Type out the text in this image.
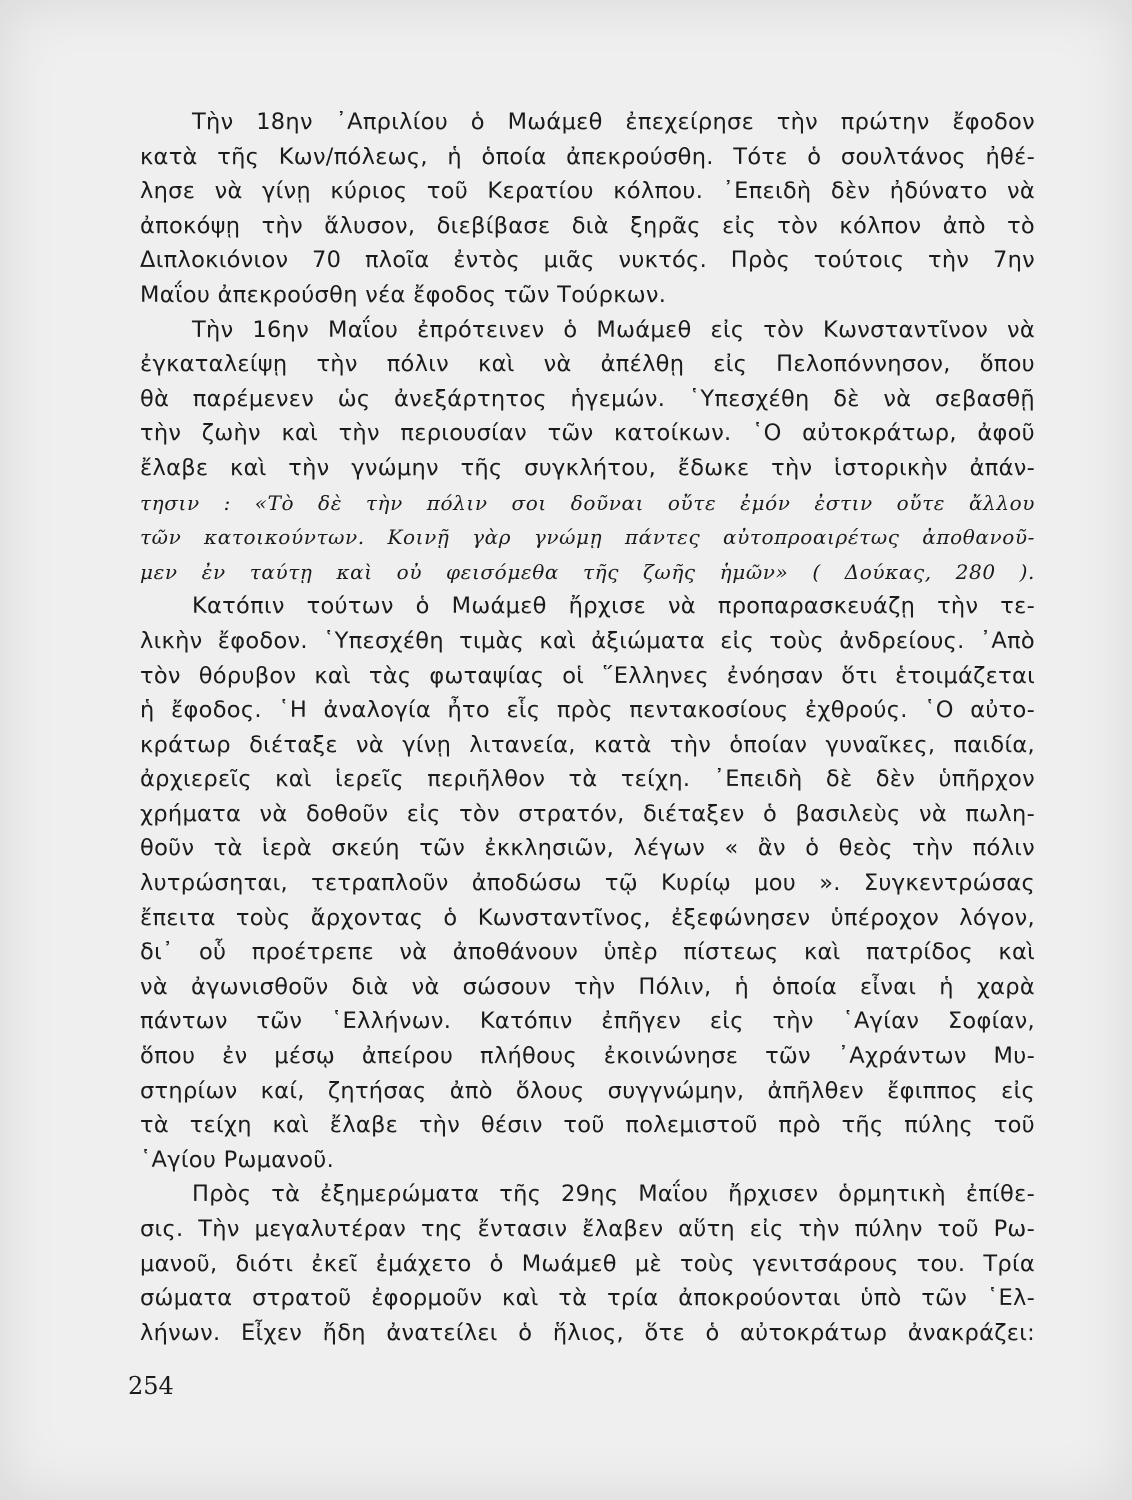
Τὴν 18ην ᾿Απριλίου ὁ Μωάμεθ ἐπεχείρησε τὴν πρώτην ἔφοδον
κατὰ τῆς Κων/πόλεως, ἡ ὁποία ἀπεκρούσθη. Τότε ὁ σουλτάνος ἠθέ-
λησε νὰ γίνῃ κύριος τοῦ Κερατίου κόλπου. ᾿Επειδὴ δὲν ἠδύνατο νὰ
ἀποκόψῃ τὴν ἅλυσον, διεβίβασε διὰ ξηρᾶς εἰς τὸν κόλπον ἀπὸ τὸ
Διπλοκιόνιον 70 πλοῖα ἐντὸς μιᾶς νυκτός. Πρὸς τούτοις τὴν 7ην
Μαΐου ἀπεκρούσθη νέα ἔφοδος τῶν Τούρκων.
Τὴν 16ην Μαΐου ἐπρότεινεν ὁ Μωάμεθ εἰς τὸν Κωνσταντῖνον νὰ
ἐγκαταλείψῃ τὴν πόλιν καὶ νὰ ἀπέλθῃ εἰς Πελοπόννησον, ὅπου
θὰ παρέμενεν ὡς ἀνεξάρτητος ἡγεμών. ῾Υπεσχέθη δὲ νὰ σεβασθῇ
τὴν ζωὴν καὶ τὴν περιουσίαν τῶν κατοίκων. ῾Ο αὐτοκράτωρ, ἀφοῦ
ἔλαβε καὶ τὴν γνώμην τῆς συγκλήτου, ἔδωκε τὴν ἱστορικὴν ἀπάν-
τησιν : «Τὸ δὲ τὴν πόλιν σοι δοῦναι οὔτε ἐμόν ἐστιν οὔτε ἄλλου
τῶν κατοικούντων. Κοινῇ γὰρ γνώμῃ πάντες αὐτοπροαιρέτως ἀποθανοῦ-
μεν ἐν ταύτῃ καὶ οὐ φεισόμεθα τῆς ζωῆς ἡμῶν» ( Δούκας, 280 ).
Κατόπιν τούτων ὁ Μωάμεθ ἤρχισε νὰ προπαρασκευάζῃ τὴν τε-
λικὴν ἔφοδον. ῾Υπεσχέθη τιμὰς καὶ ἀξιώματα εἰς τοὺς ἀνδρείους. ᾿Απὸ
τὸν θόρυβον καὶ τὰς φωταψίας οἱ ῞Ελληνες ἐνόησαν ὅτι ἑτοιμάζεται
ἡ ἔφοδος. ῾Η ἀναλογία ἦτο εἷς πρὸς πεντακοσίους ἐχθρούς. ῾Ο αὐτο-
κράτωρ διέταξε νὰ γίνῃ λιτανεία, κατὰ τὴν ὁποίαν γυναῖκες, παιδία,
ἀρχιερεῖς καὶ ἱερεῖς περιῆλθον τὰ τείχη. ᾿Επειδὴ δὲ δὲν ὑπῆρχον
χρήματα νὰ δοθοῦν εἰς τὸν στρατόν, διέταξεν ὁ βασιλεὺς νὰ πωλη-
θοῦν τὰ ἱερὰ σκεύη τῶν ἐκκλησιῶν, λέγων « ἂν ὁ θεὸς τὴν πόλιν
λυτρώσηται, τετραπλοῦν ἀποδώσω τῷ Κυρίῳ μου ». Συγκεντρώσας
ἔπειτα τοὺς ἄρχοντας ὁ Κωνσταντῖνος, ἐξεφώνησεν ὑπέροχον λόγον,
δι᾿ οὗ προέτρεπε νὰ ἀποθάνουν ὑπὲρ πίστεως καὶ πατρίδος καὶ
νὰ ἀγωνισθοῦν διὰ νὰ σώσουν τὴν Πόλιν, ἡ ὁποία εἶναι ἡ χαρὰ
πάντων τῶν ῾Ελλήνων. Κατόπιν ἐπῆγεν εἰς τὴν ῾Αγίαν Σοφίαν,
ὅπου ἐν μέσῳ ἀπείρου πλήθους ἐκοινώνησε τῶν ᾿Αχράντων Μυ-
στηρίων καί, ζητήσας ἀπὸ ὅλους συγγνώμην, ἀπῆλθεν ἔφιππος εἰς
τὰ τείχη καὶ ἔλαβε τὴν θέσιν τοῦ πολεμιστοῦ πρὸ τῆς πύλης τοῦ
῾Αγίου Ρωμανοῦ.
Πρὸς τὰ ἐξημερώματα τῆς 29ης Μαΐου ἤρχισεν ὁρμητικὴ ἐπίθε-
σις. Τὴν μεγαλυτέραν της ἔντασιν ἔλαβεν αὕτη εἰς τὴν πύλην τοῦ Ρω-
μανοῦ, διότι ἐκεῖ ἐμάχετο ὁ Μωάμεθ μὲ τοὺς γενιτσάρους του. Τρία
σώματα στρατοῦ ἐφορμοῦν καὶ τὰ τρία ἀποκρούονται ὑπὸ τῶν ῾Ελ-
λήνων. Εἶχεν ἤδη ἀνατείλει ὁ ἥλιος, ὅτε ὁ αὐτοκράτωρ ἀνακράζει:
254
